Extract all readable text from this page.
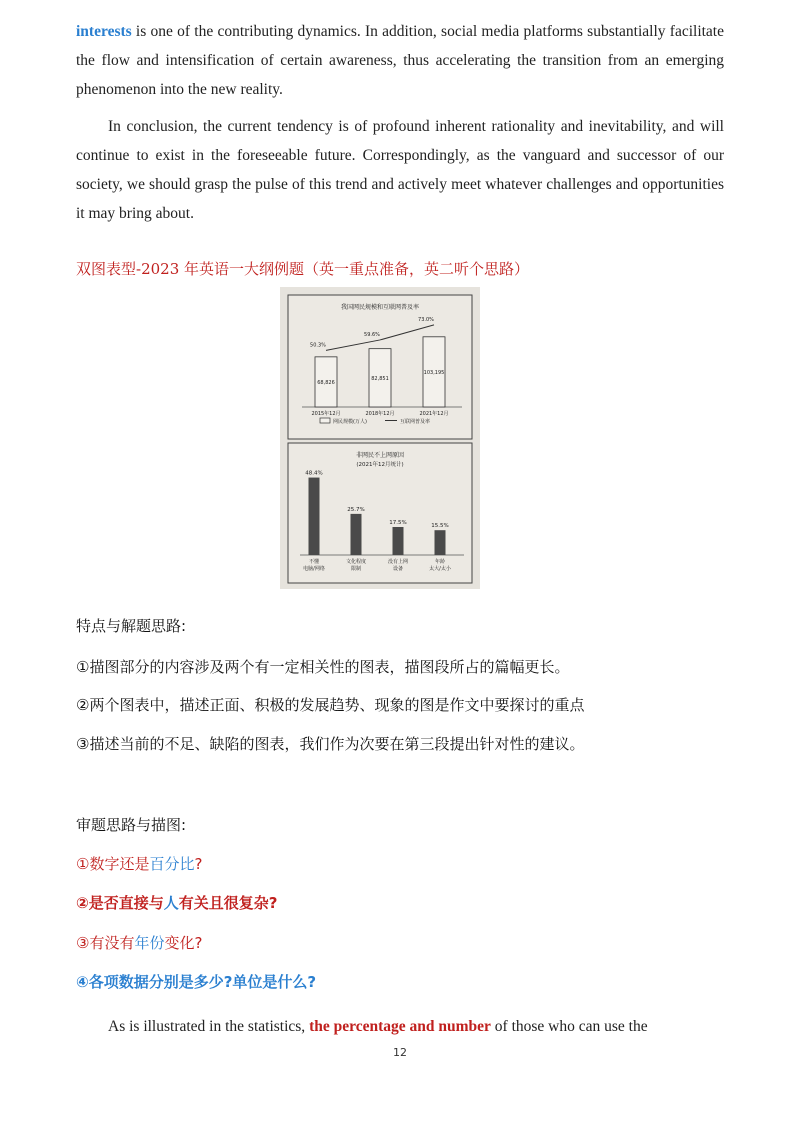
interests is one of the contributing dynamics. In addition, social media platforms substantially facilitate the flow and intensification of certain awareness, thus accelerating the transition from an emerging phenomenon into the new reality.
In conclusion, the current tendency is of profound inherent rationality and inevitability, and will continue to exist in the foreseeable future. Correspondingly, as the vanguard and successor of our society, we should grasp the pulse of this trend and actively meet whatever challenges and opportunities it may bring about.
双图表型-2023 年英语一大纲例题（英一重点准备，英二听个思路）
我国网民规模和互联网普及率
68,826
2015年12月
50.3%
82,851
2018年12月
59.6%
103,195
2021年12月
73.0%
网民规模(万人)	互联网普及率
非网民不上网原因
(2021年12月统计)
48.4%
不懂
电脑/网络
25.7%
文化程度
限制
17.5%
没有上网
设备
15.5%
年龄
太大/太小
特点与解题思路:
①描图部分的内容涉及两个有一定相关性的图表，描图段所占的篇幅更长。
②两个图表中，描述正面、积极的发展趋势、现象的图是作文中要探讨的重点
③描述当前的不足、缺陷的图表，我们作为次要在第三段提出针对性的建议。
审题思路与描图:
①数字还是百分比?
②是否直接与人有关且很复杂?
③有没有年份变化?
④各项数据分别是多少?单位是什么?
As is illustrated in the statistics, the percentage and number of those who can use the
12
